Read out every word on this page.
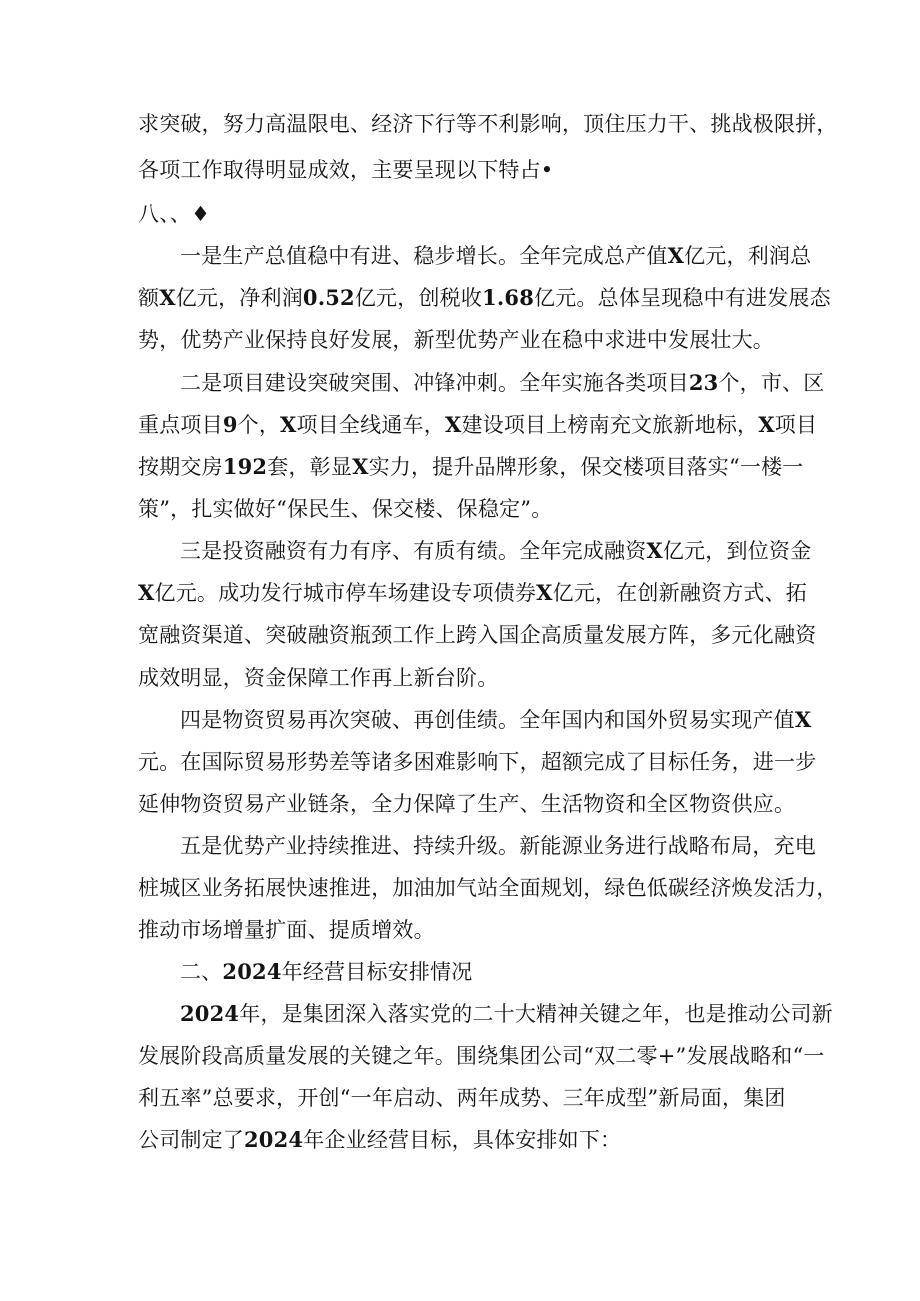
求突破，努力高温限电、经济下行等不利影响，顶住压力干、挑战极限拼，
各项工作取得明显成效，主要呈现以下特占•
八、、♦
一是生产总值稳中有进、稳步增长。全年完成总产值X亿元，利润总
额X亿元，净利润0.52亿元，创税收1.68亿元。总体呈现稳中有进发展态
势，优势产业保持良好发展，新型优势产业在稳中求进中发展壮大。
二是项目建设突破突围、冲锋冲刺。全年实施各类项目23个，市、区
重点项目9个，X项目全线通车，X建设项目上榜南充文旅新地标，X项目
按期交房192套，彰显X实力，提升品牌形象，保交楼项目落实“一楼一
策”，扎实做好“保民生、保交楼、保稳定”。
三是投资融资有力有序、有质有绩。全年完成融资X亿元，到位资金
X亿元。成功发行城市停车场建设专项债券X亿元，在创新融资方式、拓
宽融资渠道、突破融资瓶颈工作上跨入国企高质量发展方阵，多元化融资
成效明显，资金保障工作再上新台阶。
四是物资贸易再次突破、再创佳绩。全年国内和国外贸易实现产值X
元。在国际贸易形势差等诸多困难影响下，超额完成了目标任务，进一步
延伸物资贸易产业链条，全力保障了生产、生活物资和全区物资供应。
五是优势产业持续推进、持续升级。新能源业务进行战略布局，充电
桩城区业务拓展快速推进，加油加气站全面规划，绿色低碳经济焕发活力，
推动市场增量扩面、提质增效。
二、2024年经营目标安排情况
2024年，是集团深入落实党的二十大精神关键之年，也是推动公司新
发展阶段高质量发展的关键之年。围绕集团公司“双二零+”发展战略和“一
利五率”总要求，开创“一年启动、两年成势、三年成型”新局面，集团
公司制定了2024年企业经营目标，具体安排如下：
